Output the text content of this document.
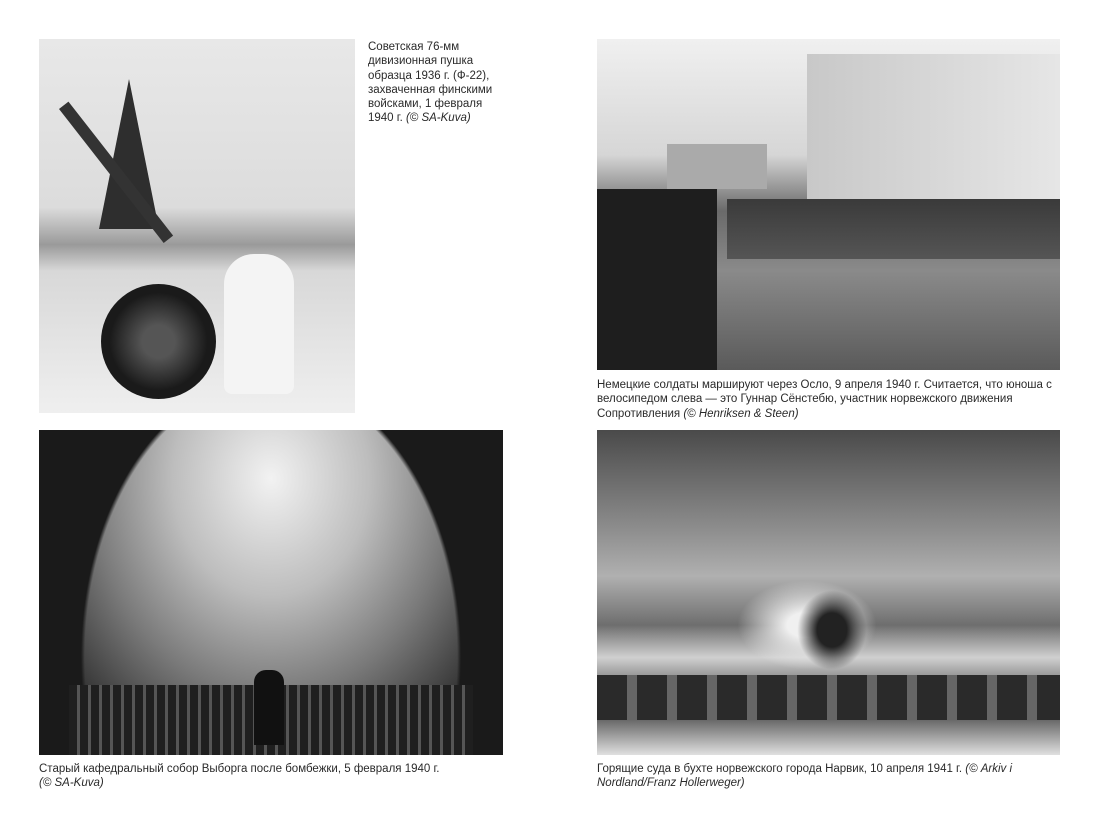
Советская 76-мм дивизионная пушка образца 1936 г. (Ф-22), захваченная финскими войсками, 1 февраля 1940 г. (© SA-Kuva)
Немецкие солдаты маршируют через Осло, 9 апреля 1940 г. Считается, что юноша с велосипедом слева — это Гуннар Сёнстебю, участник норвежского движения Сопротивления (© Henriksen & Steen)
Старый кафедральный собор Выборга после бомбежки, 5 февраля 1940 г.
(© SA-Kuva)
Горящие суда в бухте норвежского города Нарвик, 10 апреля 1941 г. (© Arkiv i Nordland/Franz Hollerweger)
